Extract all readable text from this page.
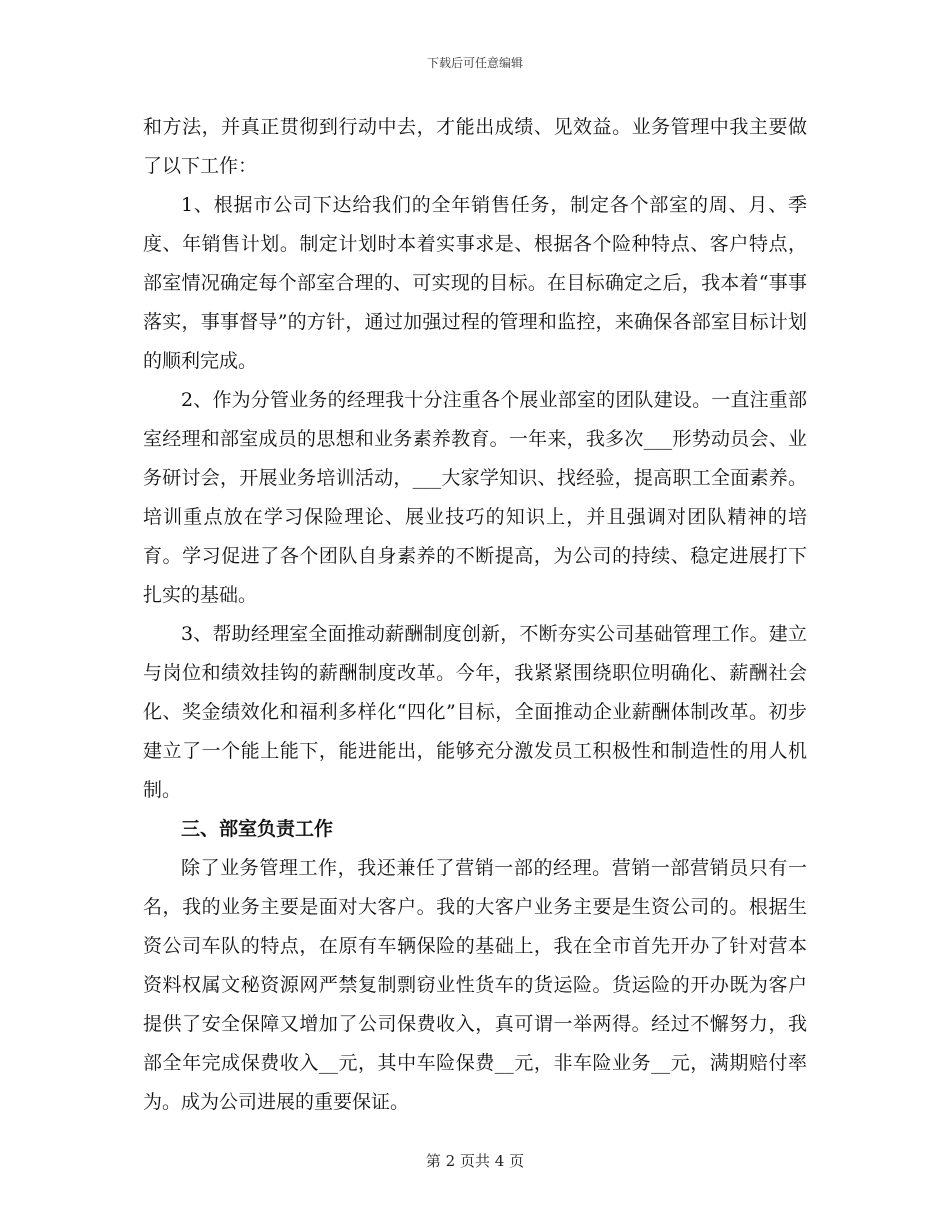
下载后可任意编辑

和方法，并真正贯彻到行动中去，才能出成绩、见效益。业务管理中我主要做了以下工作：

1、根据市公司下达给我们的全年销售任务，制定各个部室的周、月、季度、年销售计划。制定计划时本着实事求是、根据各个险种特点、客户特点，部室情况确定每个部室合理的、可实现的目标。在目标确定之后，我本着“事事落实，事事督导”的方针，通过加强过程的管理和监控，来确保各部室目标计划的顺利完成。

2、作为分管业务的经理我十分注重各个展业部室的团队建设。一直注重部室经理和部室成员的思想和业务素养教育。一年来，我多次___形势动员会、业务研讨会，开展业务培训活动，___大家学知识、找经验，提高职工全面素养。培训重点放在学习保险理论、展业技巧的知识上，并且强调对团队精神的培育。学习促进了各个团队自身素养的不断提高，为公司的持续、稳定进展打下扎实的基础。

3、帮助经理室全面推动薪酬制度创新，不断夯实公司基础管理工作。建立与岗位和绩效挂钩的薪酬制度改革。今年，我紧紧围绕职位明确化、薪酬社会化、奖金绩效化和福利多样化“四化”目标，全面推动企业薪酬体制改革。初步建立了一个能上能下，能进能出，能够充分激发员工积极性和制造性的用人机制。

三、部室负责工作

除了业务管理工作，我还兼任了营销一部的经理。营销一部营销员只有一名，我的业务主要是面对大客户。我的大客户业务主要是生资公司的。根据生资公司车队的特点，在原有车辆保险的基础上，我在全市首先开办了针对营本资料权属文秘资源网严禁复制剽窃业性货车的货运险。货运险的开办既为客户提供了安全保障又增加了公司保费收入，真可谓一举两得。经过不懈努力，我部全年完成保费收入__元，其中车险保费__元，非车险业务__元，满期赔付率为。成为公司进展的重要保证。

第 2 页共 4 页
